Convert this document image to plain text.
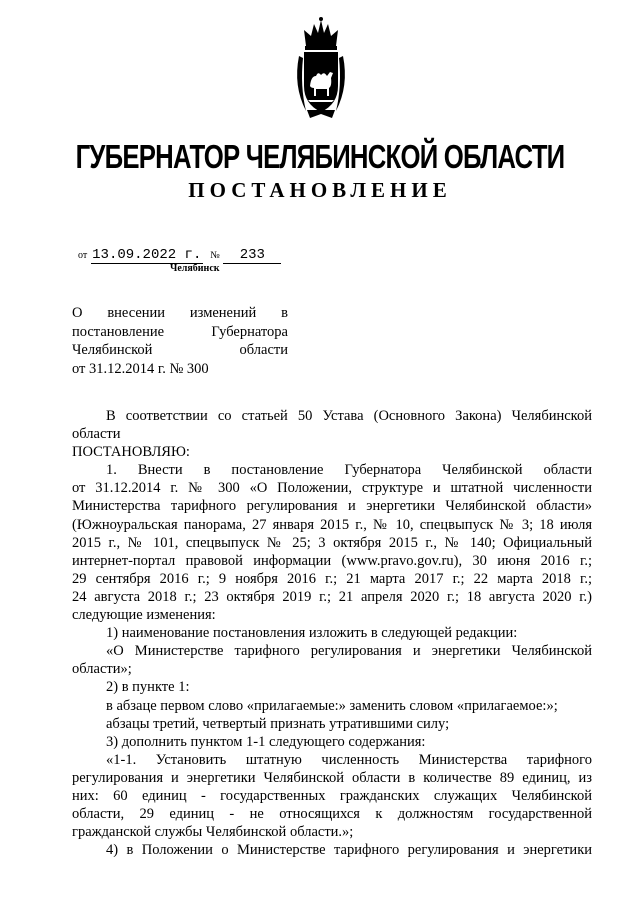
ГУБЕРНАТОР ЧЕЛЯБИНСКОЙ ОБЛАСТИ
ПОСТАНОВЛЕНИЕ
от 13.09.2022 г. № 233
Челябинск
О внесении изменений в
постановление	Губернатора
Челябинской	области
от 31.12.2014 г. № 300

В соответствии со статьей 50 Устава (Основного Закона) Челябинской

области

ПОСТАНОВЛЯЮ:

1. Внести в постановление Губернатора Челябинской области

от 31.12.2014 г. № 300 «О Положении, структуре и штатной численности

Министерства тарифного регулирования и энергетики Челябинской области»

(Южноуральская панорама, 27 января 2015 г., № 10, спецвыпуск № 3; 18 июля

2015 г., № 101, спецвыпуск № 25; 3 октября 2015 г., № 140; Официальный

интернет-портал правовой информации (www.pravo.gov.ru), 30 июня 2016 г.;

29 сентября 2016 г.; 9 ноября 2016 г.; 21 марта 2017 г.; 22 марта 2018 г.;

24 августа 2018 г.; 23 октября 2019 г.; 21 апреля 2020 г.; 18 августа 2020 г.)

следующие изменения:

1) наименование постановления изложить в следующей редакции:

«О Министерстве тарифного регулирования и энергетики Челябинской

области»;

2) в пункте 1:

в абзаце первом слово «прилагаемые:» заменить словом «прилагаемое:»;

абзацы третий, четвертый признать утратившими силу;

3) дополнить пунктом 1-1 следующего содержания:

«1-1. Установить штатную численность Министерства тарифного

регулирования и энергетики Челябинской области в количестве 89 единиц, из

них: 60 единиц - государственных гражданских служащих Челябинской

области, 29 единиц - не относящихся к должностям государственной

гражданской службы Челябинской области.»;

4) в Положении о Министерстве тарифного регулирования и энергетики
